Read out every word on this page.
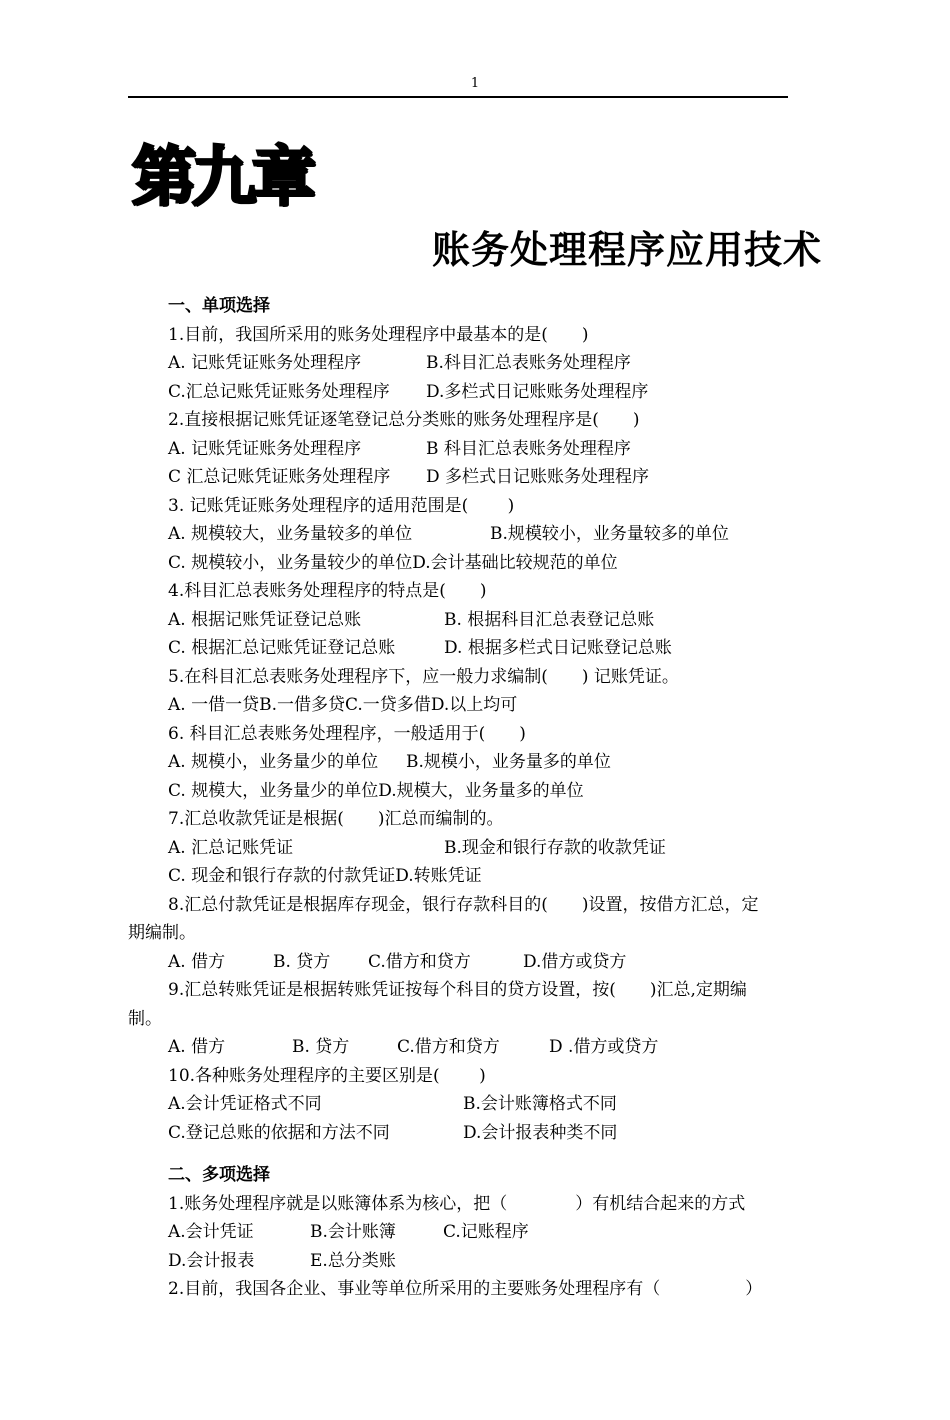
1
第九章
账务处理程序应用技术
一、单项选择
1.目前，我国所采用的账务处理程序中最基本的是(　　)
A. 记账凭证账务处理程序	B.科目汇总表账务处理程序
C.汇总记账凭证账务处理程序 D.多栏式日记账账务处理程序
2.直接根据记账凭证逐笔登记总分类账的账务处理程序是(　　)
A. 记账凭证账务处理程序	B 科目汇总表账务处理程序
C 汇总记账凭证账务处理程序 D 多栏式日记账账务处理程序
3. 记账凭证账务处理程序的适用范围是(　　 )
A. 规模较大，业务量较多的单位	B.规模较小，业务量较多的单位
C. 规模较小，业务量较少的单位D.会计基础比较规范的单位
4.科目汇总表账务处理程序的特点是(　　)
A. 根据记账凭证登记总账	B. 根据科目汇总表登记总账
C. 根据汇总记账凭证登记总账	D. 根据多栏式日记账登记总账
5.在科目汇总表账务处理程序下，应一般力求编制(　　) 记账凭证。
A. 一借一贷B.一借多贷C.一贷多借D.以上均可
6. 科目汇总表账务处理程序，一般适用于(　　)
A. 规模小，业务量少的单位 B.规模小，业务量多的单位
C. 规模大，业务量少的单位D.规模大，业务量多的单位
7.汇总收款凭证是根据(　　)汇总而编制的。
A. 汇总记账凭证	B.现金和银行存款的收款凭证
C. 现金和银行存款的付款凭证D.转账凭证
8.汇总付款凭证是根据库存现金，银行存款科目的(　　)设置，按借方汇总，定
期编制。
A. 借方	B. 贷方 C.借方和贷方	D.借方或贷方
9.汇总转账凭证是根据转账凭证按每个科目的贷方设置，按(　　)汇总,定期编
制。
A. 借方	B. 贷方	C.借方和贷方	D .借方或贷方
10.各种账务处理程序的主要区别是(　　 )
A.会计凭证格式不同	B.会计账簿格式不同
C.登记总账的依据和方法不同	D.会计报表种类不同
二、多项选择
1.账务处理程序就是以账簿体系为核心，把（　　　　）有机结合起来的方式
A.会计凭证	B.会计账簿	C.记账程序
D.会计报表	E.总分类账
2.目前，我国各企业、事业等单位所采用的主要账务处理程序有（　　　　　）
